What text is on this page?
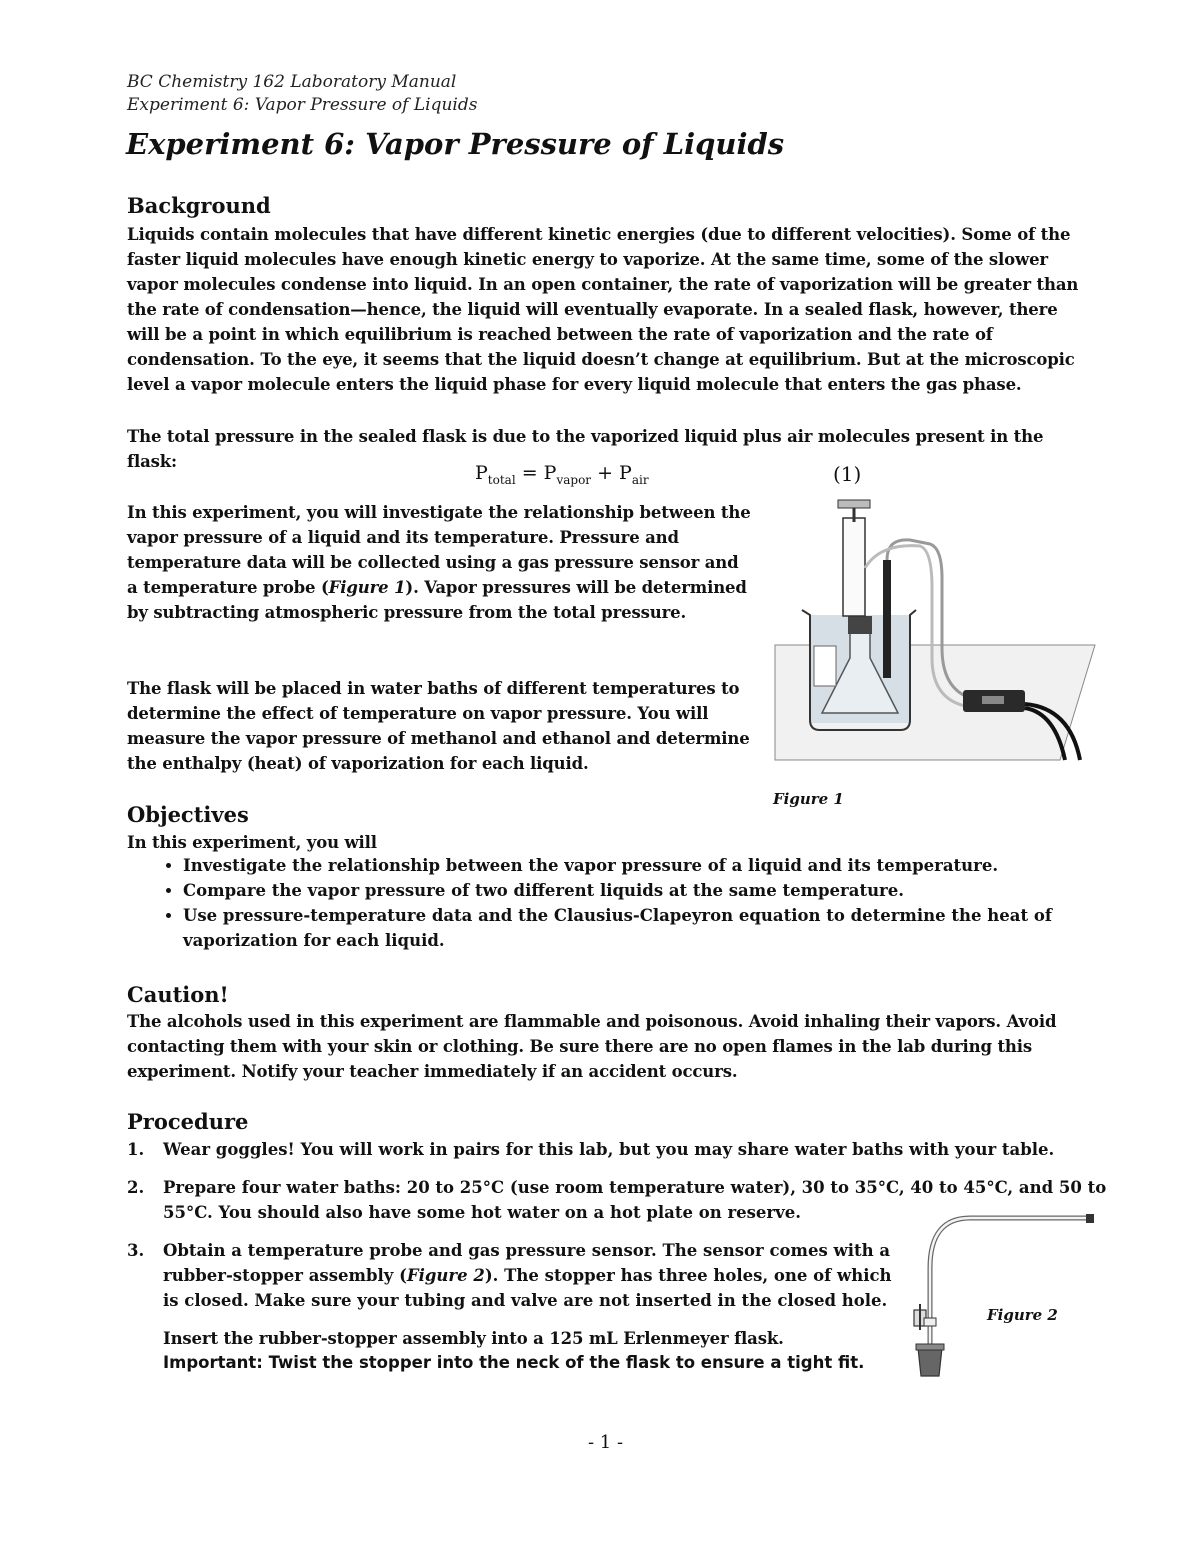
BC Chemistry 162 Laboratory Manual
Experiment 6: Vapor Pressure of Liquids
Experiment 6: Vapor Pressure of Liquids
Background

Liquids contain molecules that have different kinetic energies (due to different velocities). Some of the faster liquid molecules have enough kinetic energy to vaporize. At the same time, some of the slower vapor molecules condense into liquid. In an open container, the rate of vaporization will be greater than the rate of condensation—hence, the liquid will eventually evaporate. In a sealed flask, however, there will be a point in which equilibrium is reached between the rate of vaporization and the rate of condensation. To the eye, it seems that the liquid doesn’t change at equilibrium. But at the microscopic level a vapor molecule enters the liquid phase for every liquid molecule that enters the gas phase.

The total pressure in the sealed flask is due to the vaporized liquid plus air molecules present in the flask:

$P_{total} = P_{vapor} + P_{air}$	(1)

In this experiment, you will investigate the relationship between the vapor pressure of a liquid and its temperature. Pressure and temperature data will be collected using a gas pressure sensor and a temperature probe (Figure 1). Vapor pressures will be determined by subtracting atmospheric pressure from the total pressure.

The flask will be placed in water baths of different temperatures to determine the effect of temperature on vapor pressure. You will measure the vapor pressure of methanol and ethanol and determine the enthalpy (heat) of vaporization for each liquid.

Figure 1
Objectives

In this experiment, you will

• Investigate the relationship between the vapor pressure of a liquid and its temperature.
• Compare the vapor pressure of two different liquids at the same temperature.
• Use pressure-temperature data and the Clausius-Clapeyron equation to determine the heat of vaporization for each liquid.
Caution!

The alcohols used in this experiment are flammable and poisonous. Avoid inhaling their vapors. Avoid contacting them with your skin or clothing. Be sure there are no open flames in the lab during this experiment. Notify your teacher immediately if an accident occurs.

Procedure
1. Wear goggles! You will work in pairs for this lab, but you may share water baths with your table.
2. Prepare four water baths: 20 to 25°C (use room temperature water), 30 to 35°C, 40 to 45°C, and 50 to 55°C. You should also have some hot water on a hot plate on reserve.
3. Obtain a temperature probe and gas pressure sensor. The sensor comes with a rubber-stopper assembly (Figure 2). The stopper has three holes, one of which is closed. Make sure your tubing and valve are not inserted in the closed hole.

Insert the rubber-stopper assembly into a 125 mL Erlenmeyer flask.

Important: Twist the stopper into the neck of the flask to ensure a tight fit.

Figure 2
- 1 -
